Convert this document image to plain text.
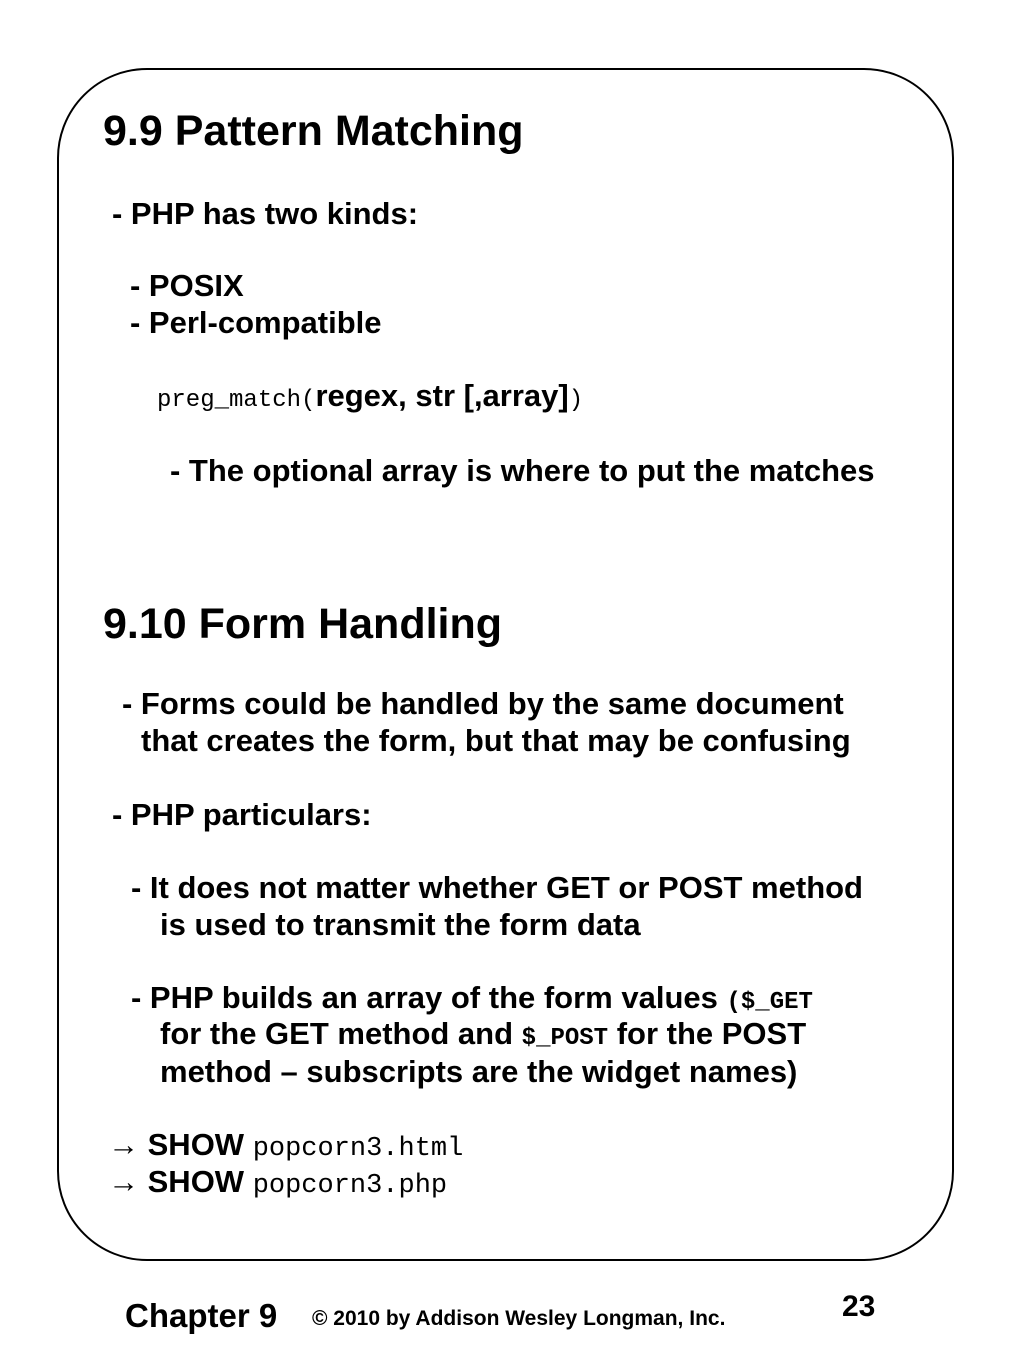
9.9 Pattern Matching
- PHP has two kinds:
- POSIX
- Perl-compatible
preg_match(regex, str [,array])
- The optional array is where to put the matches
9.10 Form Handling
- Forms could be handled by the same document
that creates the form, but that may be confusing
- PHP particulars:
- It does not matter whether GET or POST method
is used to transmit the form data
- PHP builds an array of the form values ($_GET
for the GET method and $_POST for the POST
method – subscripts are the widget names)
→ SHOW popcorn3.html
→ SHOW popcorn3.php
Chapter 9 © 2010 by Addison Wesley Longman, Inc.	23
